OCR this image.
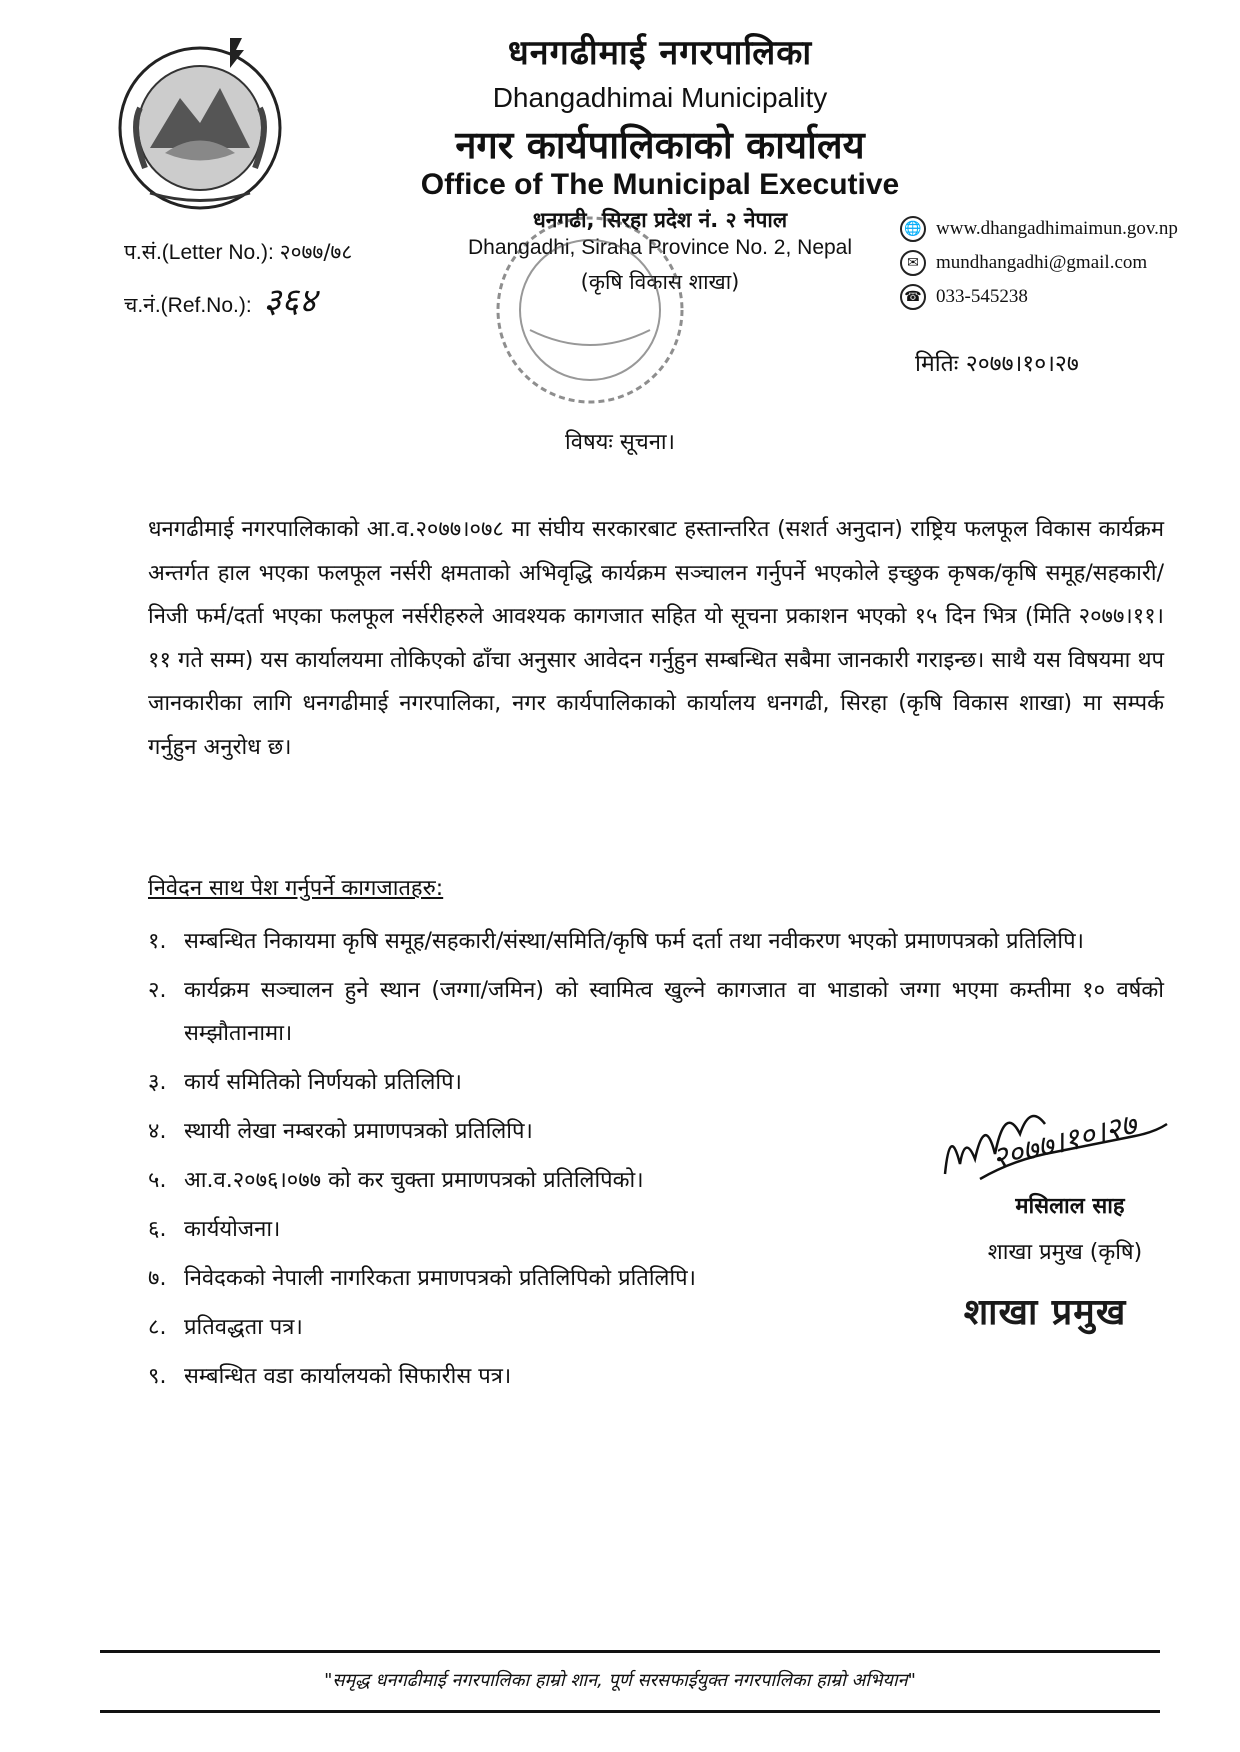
धनगढीमाई नगरपालिका
Dhangadhimai Municipality
नगर कार्यपालिकाको कार्यालय
Office of The Municipal Executive
धनगढी, सिरहा प्रदेश नं. २ नेपाल
Dhangadhi, Siraha Province No. 2, Nepal
(कृषि विकास शाखा)
प.सं.(Letter No.): २०७७/७८
च.नं.(Ref.No.): ३६४
🌐 www.dhangadhimaimun.gov.np
✉ mundhangadhi@gmail.com
☎ 033-545238
मितिः २०७७।१०।२७
विषयः सूचना।
धनगढीमाई नगरपालिकाको आ.व.२०७७।०७८ मा संघीय सरकारबाट हस्तान्तरित (सशर्त अनुदान) राष्ट्रिय फलफूल विकास कार्यक्रम अन्तर्गत हाल भएका फलफूल नर्सरी क्षमताको अभिवृद्धि कार्यक्रम सञ्चालन गर्नुपर्ने भएकोले इच्छुक कृषक/कृषि समूह/सहकारी/निजी फर्म/दर्ता भएका फलफूल नर्सरीहरुले आवश्यक कागजात सहित यो सूचना प्रकाशन भएको १५ दिन भित्र (मिति २०७७।११।११ गते सम्म) यस कार्यालयमा तोकिएको ढाँचा अनुसार आवेदन गर्नुहुन सम्बन्धित सबैमा जानकारी गराइन्छ। साथै यस विषयमा थप जानकारीका लागि धनगढीमाई नगरपालिका, नगर कार्यपालिकाको कार्यालय धनगढी, सिरहा (कृषि विकास शाखा) मा सम्पर्क गर्नुहुन अनुरोध छ।
निवेदन साथ पेश गर्नुपर्ने कागजातहरु:
१. सम्बन्धित निकायमा कृषि समूह/सहकारी/संस्था/समिति/कृषि फर्म दर्ता तथा नवीकरण भएको प्रमाणपत्रको प्रतिलिपि।
२. कार्यक्रम सञ्चालन हुने स्थान (जग्गा/जमिन) को स्वामित्व खुल्ने कागजात वा भाडाको जग्गा भएमा कम्तीमा १० वर्षको सम्झौतानामा।
३. कार्य समितिको निर्णयको प्रतिलिपि।
४. स्थायी लेखा नम्बरको प्रमाणपत्रको प्रतिलिपि।
५. आ.व.२०७६।०७७ को कर चुक्ता प्रमाणपत्रको प्रतिलिपिको।
६. कार्ययोजना।
७. निवेदकको नेपाली नागरिकता प्रमाणपत्रको प्रतिलिपिको प्रतिलिपि।
८. प्रतिवद्धता पत्र।
९. सम्बन्धित वडा कार्यालयको सिफारीस पत्र।
२०७७।१०।२७
मसिलाल साह
शाखा प्रमुख (कृषि)
शाखा प्रमुख
"समृद्ध धनगढीमाई नगरपालिका हाम्रो शान, पूर्ण सरसफाईयुक्त नगरपालिका हाम्रो अभियान"
